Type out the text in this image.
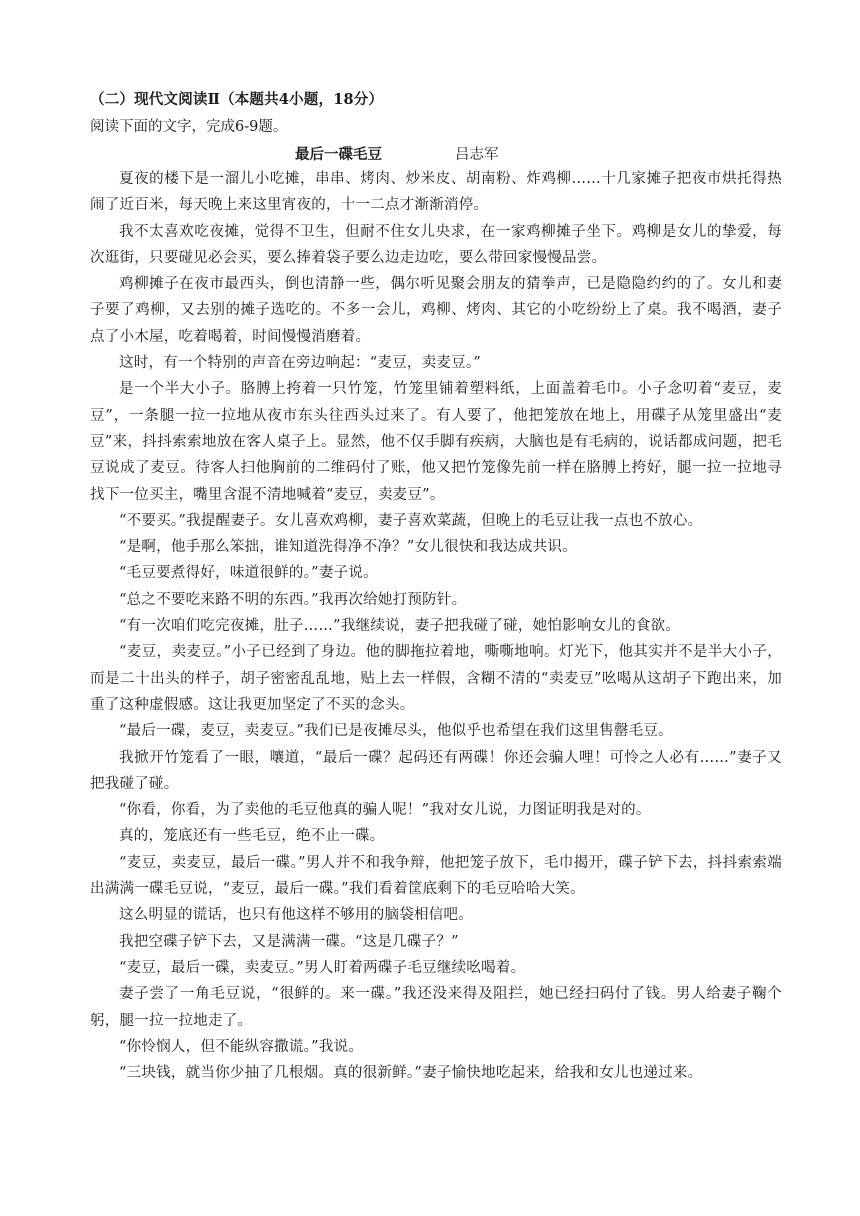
（二）现代文阅读Ⅱ（本题共4小题，18分）
阅读下面的文字，完成6-9题。
最后一碟毛豆	吕志军

夏夜的楼下是一溜儿小吃摊，串串、烤肉、炒米皮、胡南粉、炸鸡柳……十几家摊子把夜市烘托得热闹了近百米，每天晚上来这里宵夜的，十一二点才渐渐消停。

我不太喜欢吃夜摊，觉得不卫生，但耐不住女儿央求，在一家鸡柳摊子坐下。鸡柳是女儿的挚爱，每次逛街，只要碰见必会买，要么捧着袋子要么边走边吃，要么带回家慢慢品尝。

鸡柳摊子在夜市最西头，倒也清静一些，偶尔听见聚会朋友的猜拳声，已是隐隐约约的了。女儿和妻子要了鸡柳，又去别的摊子选吃的。不多一会儿，鸡柳、烤肉、其它的小吃纷纷上了桌。我不喝酒，妻子点了小木屋，吃着喝着，时间慢慢消磨着。

这时，有一个特别的声音在旁边响起：“麦豆，卖麦豆。”

是一个半大小子。胳膊上挎着一只竹笼，竹笼里铺着塑料纸，上面盖着毛巾。小子念叨着“麦豆，麦豆”，一条腿一拉一拉地从夜市东头往西头过来了。有人要了，他把笼放在地上，用碟子从笼里盛出“麦豆”来，抖抖索索地放在客人桌子上。显然，他不仅手脚有疾病，大脑也是有毛病的，说话都成问题，把毛豆说成了麦豆。待客人扫他胸前的二维码付了账，他又把竹笼像先前一样在胳膊上挎好，腿一拉一拉地寻找下一位买主，嘴里含混不清地喊着“麦豆，卖麦豆”。

“不要买。”我提醒妻子。女儿喜欢鸡柳，妻子喜欢菜蔬，但晚上的毛豆让我一点也不放心。

“是啊，他手那么笨拙，谁知道洗得净不净？”女儿很快和我达成共识。

“毛豆要煮得好，味道很鲜的。”妻子说。

“总之不要吃来路不明的东西。”我再次给她打预防针。

“有一次咱们吃完夜摊，肚子……”我继续说，妻子把我碰了碰，她怕影响女儿的食欲。

“麦豆，卖麦豆。”小子已经到了身边。他的脚拖拉着地，嘶嘶地响。灯光下，他其实并不是半大小子，而是二十出头的样子，胡子密密乱乱地，贴上去一样假，含糊不清的“卖麦豆”吆喝从这胡子下跑出来，加重了这种虚假感。这让我更加坚定了不买的念头。

“最后一碟，麦豆，卖麦豆。”我们已是夜摊尽头，他似乎也希望在我们这里售罄毛豆。

我掀开竹笼看了一眼，嚷道，“最后一碟？起码还有两碟！你还会骗人哩！可怜之人必有……”妻子又把我碰了碰。

“你看，你看，为了卖他的毛豆他真的骗人呢！”我对女儿说，力图证明我是对的。

真的，笼底还有一些毛豆，绝不止一碟。

“麦豆，卖麦豆，最后一碟。”男人并不和我争辩，他把笼子放下，毛巾揭开，碟子铲下去，抖抖索索端出满满一碟毛豆说，“麦豆，最后一碟。”我们看着筐底剩下的毛豆哈哈大笑。

这么明显的谎话，也只有他这样不够用的脑袋相信吧。

我把空碟子铲下去，又是满满一碟。“这是几碟子？”

“麦豆，最后一碟，卖麦豆。”男人盯着两碟子毛豆继续吆喝着。

妻子尝了一角毛豆说，“很鲜的。来一碟。”我还没来得及阻拦，她已经扫码付了钱。男人给妻子鞠个躬，腿一拉一拉地走了。

“你怜悯人，但不能纵容撒谎。”我说。

“三块钱，就当你少抽了几根烟。真的很新鲜。”妻子愉快地吃起来，给我和女儿也递过来。
